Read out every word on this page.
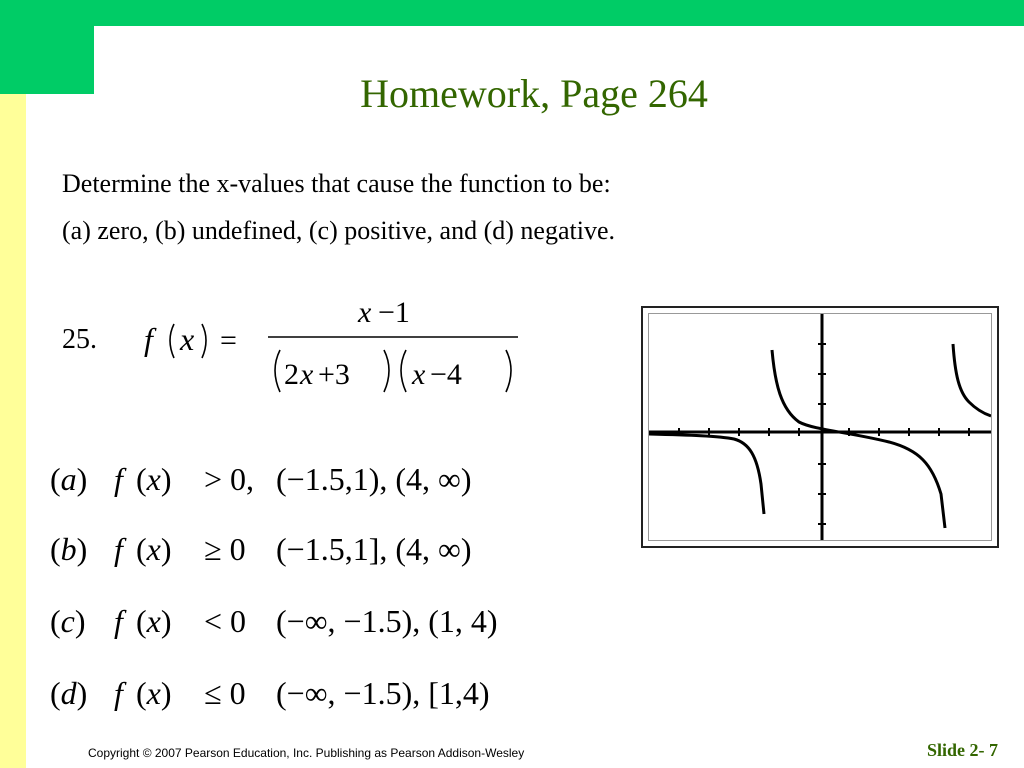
Homework, Page 264
Determine the x-values that cause the function to be:
(a) zero, (b) undefined, (c) positive, and (d) negative.
25. f x =
x −1
2 x +3 x −4
(a) f (x) > 0, (−1.5,1), (4, ∞)
(b) f (x) ≥ 0 (−1.5,1], (4, ∞)
(c) f (x) < 0 (−∞, −1.5), (1, 4)
(d) f (x) ≤ 0 (−∞, −1.5), [1,4)
Copyright © 2007 Pearson Education, Inc. Publishing as Pearson Addison-Wesley	Slide 2- 7
